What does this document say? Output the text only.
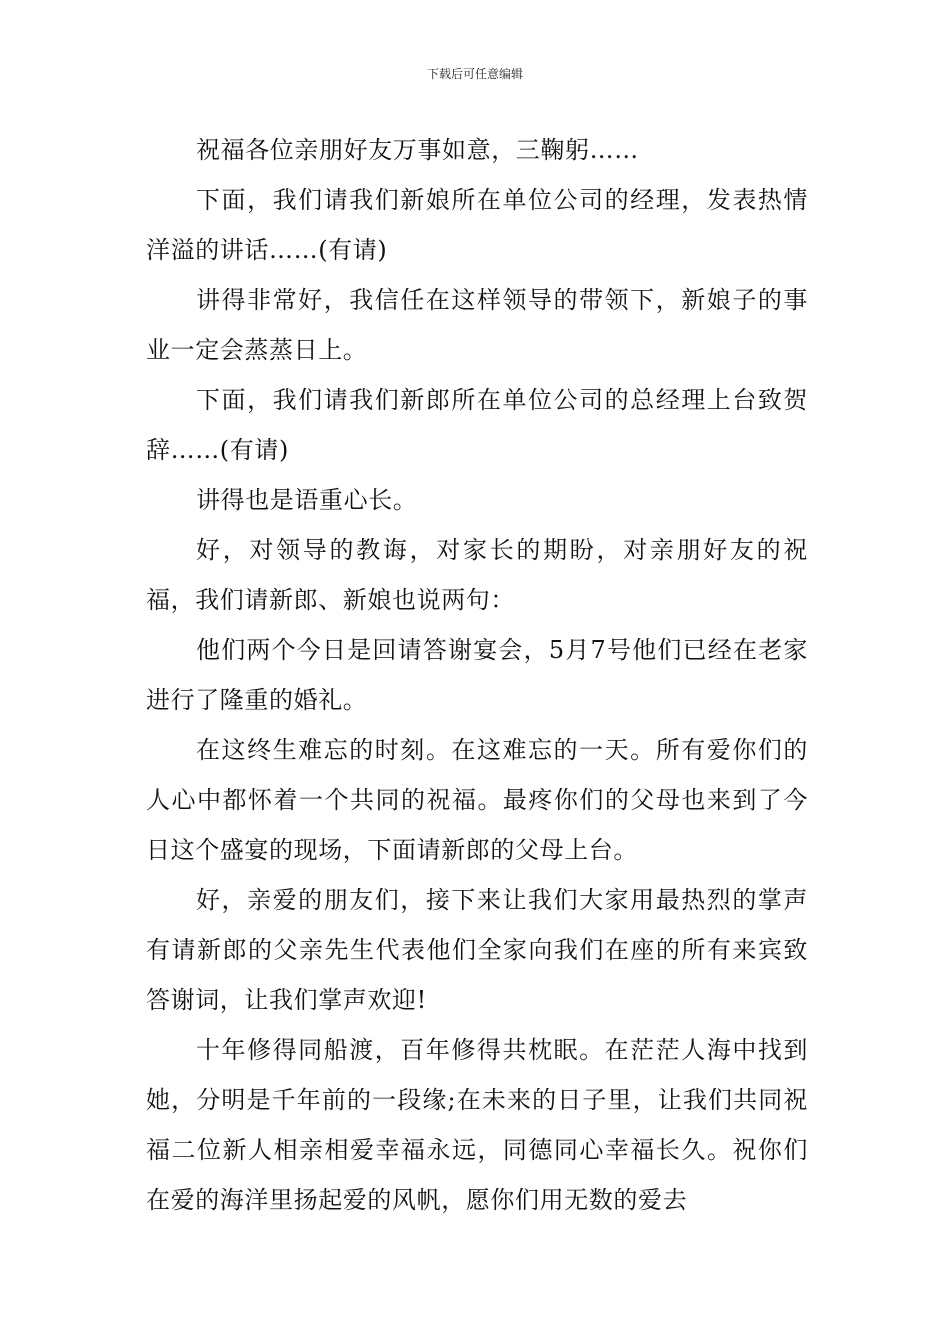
下载后可任意编辑

祝福各位亲朋好友万事如意，三鞠躬……

下面，我们请我们新娘所在单位公司的经理，发表热情洋溢的讲话……(有请)

讲得非常好，我信任在这样领导的带领下，新娘子的事业一定会蒸蒸日上。

下面，我们请我们新郎所在单位公司的总经理上台致贺辞……(有请)

讲得也是语重心长。

好，对领导的教诲，对家长的期盼，对亲朋好友的祝福，我们请新郎、新娘也说两句：

他们两个今日是回请答谢宴会，5月7号他们已经在老家进行了隆重的婚礼。

在这终生难忘的时刻。在这难忘的一天。所有爱你们的人心中都怀着一个共同的祝福。最疼你们的父母也来到了今日这个盛宴的现场，下面请新郎的父母上台。

好，亲爱的朋友们，接下来让我们大家用最热烈的掌声有请新郎的父亲先生代表他们全家向我们在座的所有来宾致答谢词，让我们掌声欢迎!

十年修得同船渡，百年修得共枕眠。在茫茫人海中找到她，分明是千年前的一段缘;在未来的日子里，让我们共同祝福二位新人相亲相爱幸福永远，同德同心幸福长久。祝你们在爱的海洋里扬起爱的风帆，愿你们用无数的爱去
